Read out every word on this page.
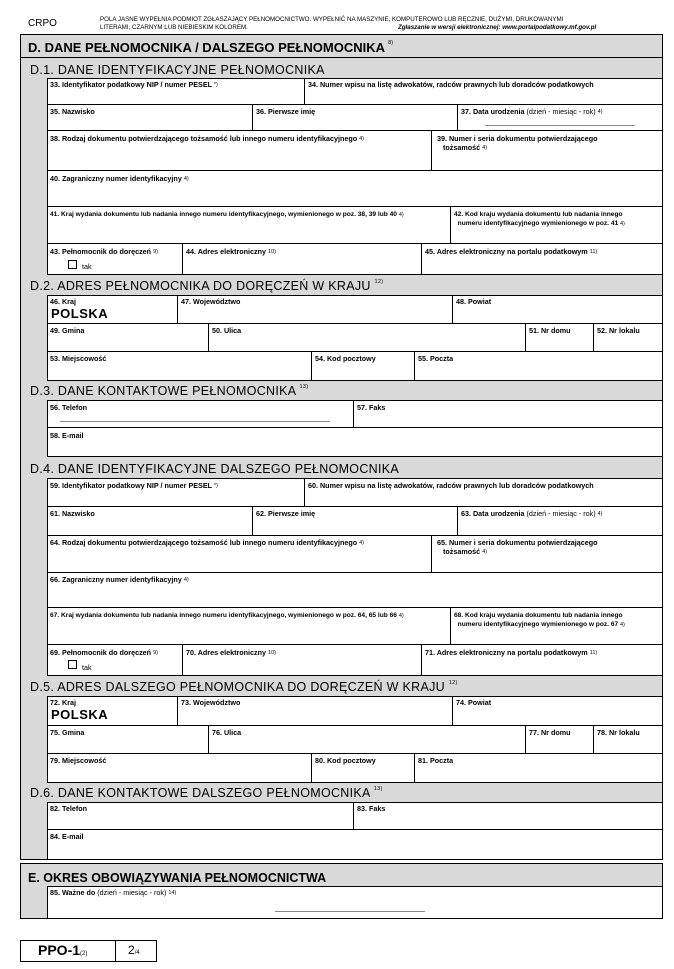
CRPO	POLA JASNE WYPEŁNIA PODMIOT ZGŁASZAJĄCY PEŁNOMOCNICTWO. WYPEŁNIĆ NA MASZYNIE, KOMPUTEROWO LUB RĘCZNIE, DUŻYMI, DRUKOWANYMI
LITERAMI, CZARNYM LUB NIEBIESKIM KOLOREM.	Zgłaszanie w wersji elektronicznej: www.portalpodatkowy.mf.gov.pl
D. DANE PEŁNOMOCNIKA / DALSZEGO PEŁNOMOCNIKA $^{8)}$
D.1. DANE IDENTYFIKACYJNE PEŁNOMOCNIKA
33. Identyfikator podatkowy NIP / numer PESEL *)	34. Numer wpisu na listę adwokatów, radców prawnych lub doradców podatkowych
35. Nazwisko	36. Pierwsze imię	37. Data urodzenia (dzień - miesiąc - rok) $^{4)}$
38. Rodzaj dokumentu potwierdzającego tożsamość lub innego numeru identyfikacyjnego $^{4)}$	39. Numer i seria dokumentu potwierdzającego
tożsamość $^{4)}$
40. Zagraniczny numer identyfikacyjny $^{4)}$
41. Kraj wydania dokumentu lub nadania innego numeru identyfikacyjnego, wymienionego w poz. 38, 39 lub 40 $^{4)}$	42. Kod kraju wydania dokumentu lub nadania innego
numeru identyfikacyjnego wymienionego w poz. 41 $^{4)}$
43. Pełnomocnik do doręczeń $^{9)}$
tak
44. Adres elektroniczny $^{10)}$	45. Adres elektroniczny na portalu podatkowym $^{11)}$
D.2. ADRES PEŁNOMOCNIKA DO DORĘCZEŃ W KRAJU $^{12)}$
46. Kraj
POLSKA
47. Województwo	48. Powiat
49. Gmina	50. Ulica	51. Nr domu	52. Nr lokalu
53. Miejscowość	54. Kod pocztowy	55. Poczta
D.3. DANE KONTAKTOWE PEŁNOMOCNIKA $^{13)}$
56. Telefon	57. Faks
58. E-mail
D.4. DANE IDENTYFIKACYJNE DALSZEGO PEŁNOMOCNIKA
59. Identyfikator podatkowy NIP / numer PESEL *)	60. Numer wpisu na listę adwokatów, radców prawnych lub doradców podatkowych
61. Nazwisko	62. Pierwsze imię	63. Data urodzenia (dzień - miesiąc - rok) $^{4)}$
64. Rodzaj dokumentu potwierdzającego tożsamość lub innego numeru identyfikacyjnego $^{4)}$	65. Numer i seria dokumentu potwierdzającego
tożsamość $^{4)}$
66. Zagraniczny numer identyfikacyjny $^{4)}$
67. Kraj wydania dokumentu lub nadania innego numeru identyfikacyjnego, wymienionego w poz. 64, 65 lub 66 $^{4)}$	68. Kod kraju wydania dokumentu lub nadania innego
numeru identyfikacyjnego wymienionego w poz. 67 $^{4)}$
69. Pełnomocnik do doręczeń $^{9)}$
tak
70. Adres elektroniczny $^{10)}$	71. Adres elektroniczny na portalu podatkowym $^{11)}$
D.5. ADRES DALSZEGO PEŁNOMOCNIKA DO DORĘCZEŃ W KRAJU $^{12)}$
72. Kraj
POLSKA
73. Województwo	74. Powiat
75. Gmina	76. Ulica	77. Nr domu	78. Nr lokalu
79. Miejscowość	80. Kod pocztowy	81. Poczta
D.6. DANE KONTAKTOWE DALSZEGO PEŁNOMOCNIKA $^{13)}$
82. Telefon	83. Faks
84. E-mail
E. OKRES OBOWIĄZYWANIA PEŁNOMOCNICTWA
85. Ważne do (dzień - miesiąc - rok) $^{14)}$
PPO-1(2)	2/4
